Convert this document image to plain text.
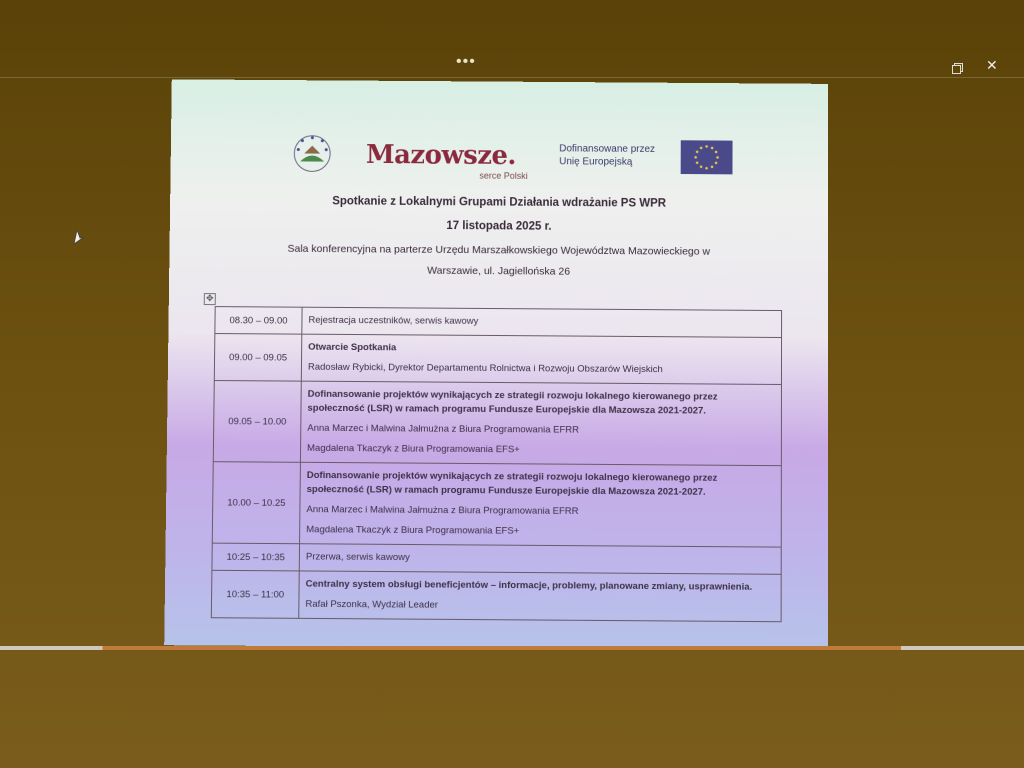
•••	✕
Mazowsze.
serce Polski
Dofinansowane przez
Unię Europejską
Spotkanie z Lokalnymi Grupami Działania wdrażanie PS WPR
17 listopada 2025 r.
Sala konferencyjna na parterze Urzędu Marszałkowskiego Województwa Mazowieckiego w
Warszawie, ul. Jagiellońska 26
✥
08.30 – 09.00	Rejestracja uczestników, serwis kawowy

09.00 – 09.05	Otwarcie Spotkania
Radosław Rybicki, Dyrektor Departamentu Rolnictwa i Rozwoju Obszarów Wiejskich

09.05 – 10.00	Dofinansowanie projektów wynikających ze strategii rozwoju lokalnego kierowanego przez społeczność (LSR) w ramach programu Fundusze Europejskie dla Mazowsza 2021-2027.
Anna Marzec i Malwina Jałmużna z Biura Programowania EFRR
Magdalena Tkaczyk z Biura Programowania EFS+

10.00 – 10.25	Dofinansowanie projektów wynikających ze strategii rozwoju lokalnego kierowanego przez społeczność (LSR) w ramach programu Fundusze Europejskie dla Mazowsza 2021-2027.
Anna Marzec i Malwina Jałmużna z Biura Programowania EFRR
Magdalena Tkaczyk z Biura Programowania EFS+

10:25 – 10:35	Przerwa, serwis kawowy

10:35 – 11:00	Centralny system obsługi beneficjentów – informacje, problemy, planowane zmiany, usprawnienia.
Rafał Pszonka, Wydział Leader
